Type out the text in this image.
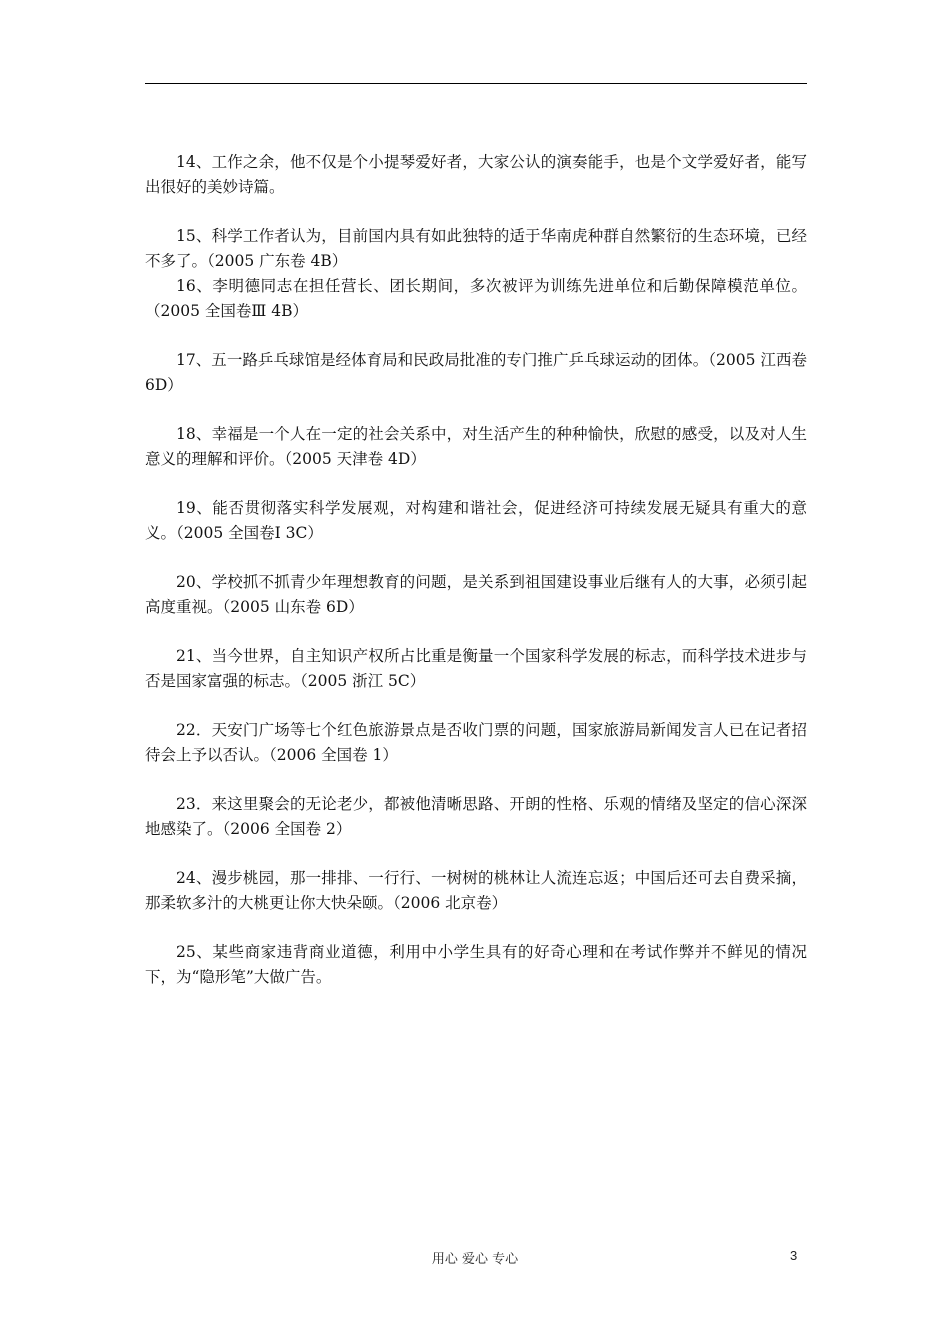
14、工作之余，他不仅是个小提琴爱好者，大家公认的演奏能手，也是个文学爱好者，能写出很好的美妙诗篇。

15、科学工作者认为，目前国内具有如此独特的适于华南虎种群自然繁衍的生态环境，已经不多了。（2005 广东卷 4B）

16、李明德同志在担任营长、团长期间，多次被评为训练先进单位和后勤保障模范单位。（2005 全国卷Ⅲ 4B）

17、五一路乒乓球馆是经体育局和民政局批准的专门推广乒乓球运动的团体。（2005 江西卷 6D）

18、幸福是一个人在一定的社会关系中，对生活产生的种种愉快，欣慰的感受，以及对人生意义的理解和评价。（2005 天津卷 4D）

19、能否贯彻落实科学发展观，对构建和谐社会，促进经济可持续发展无疑具有重大的意义。（2005 全国卷Ⅰ 3C）

20、学校抓不抓青少年理想教育的问题，是关系到祖国建设事业后继有人的大事，必须引起高度重视。（2005 山东卷 6D）

21、当今世界，自主知识产权所占比重是衡量一个国家科学发展的标志，而科学技术进步与否是国家富强的标志。（2005 浙江 5C）

22．天安门广场等七个红色旅游景点是否收门票的问题，国家旅游局新闻发言人已在记者招待会上予以否认。（2006 全国卷 1）

23．来这里聚会的无论老少，都被他清晰思路、开朗的性格、乐观的情绪及坚定的信心深深地感染了。（2006 全国卷 2）

24、漫步桃园，那一排排、一行行、一树树的桃林让人流连忘返；中国后还可去自费采摘，那柔软多汁的大桃更让你大快朵颐。（2006 北京卷）

25、某些商家违背商业道德，利用中小学生具有的好奇心理和在考试作弊并不鲜见的情况下，为“隐形笔”大做广告。

用心 爱心 专心	3
